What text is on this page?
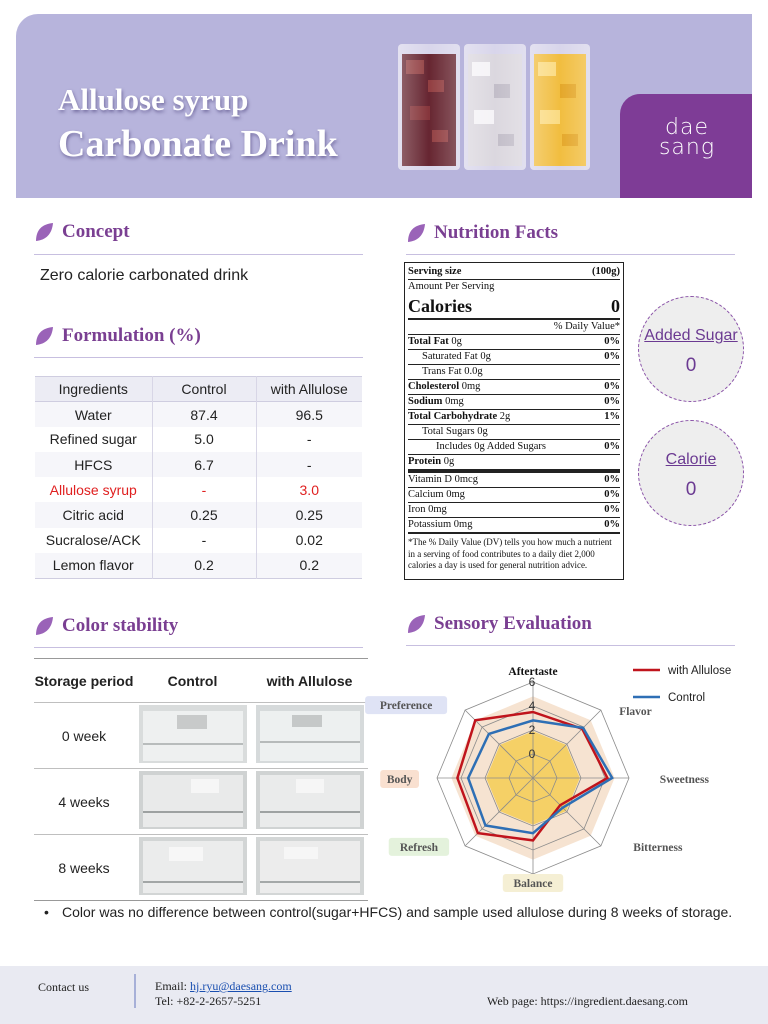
Allulose syrup
Carbonate Drink	dae
sang
Concept
Zero calorie carbonated drink
Formulation (%)
Ingredients	Control	with Allulose
Water	87.4	96.5
Refined sugar	5.0	-
HFCS	6.7	-
Allulose syrup	-	3.0
Citric acid	0.25	0.25
Sucralose/ACK	-	0.02
Lemon flavor	0.2	0.2
Nutrition Facts
Serving size	(100g)
Amount Per Serving
Calories	0
% Daily Value*
Total Fat 0g	0%
Saturated Fat 0g	0%
Trans Fat 0.0g
Cholesterol 0mg	0%
Sodium 0mg	0%
Total Carbohydrate 2g	1%
Total Sugars 0g
Includes 0g Added Sugars	0%
Protein 0g
Vitamin D 0mcg	0%
Calcium 0mg	0%
Iron 0mg	0%
Potassium 0mg	0%
*The % Daily Value (DV) tells you how much a nutrient in a serving of food contributes to a daily diet 2,000 calories a day is used for general nutrition advice.
Added Sugar
0
Calorie
0
Color stability
Storage period	Control	with Allulose
0 week		
4 weeks		
8 weeks		
• Color was no difference between control(sugar+HFCS) and sample used allulose during 8 weeks of storage.
Sensory Evaluation
0
2
4
6
Aftertaste
Flavor
Sweetness
Bitterness
Balance
Refresh
Body
Preference
with Allulose
Control
Contact us	Email: hj.ryu@daesang.com
Tel: +82-2-2657-5251	Web page: https://ingredient.daesang.com
